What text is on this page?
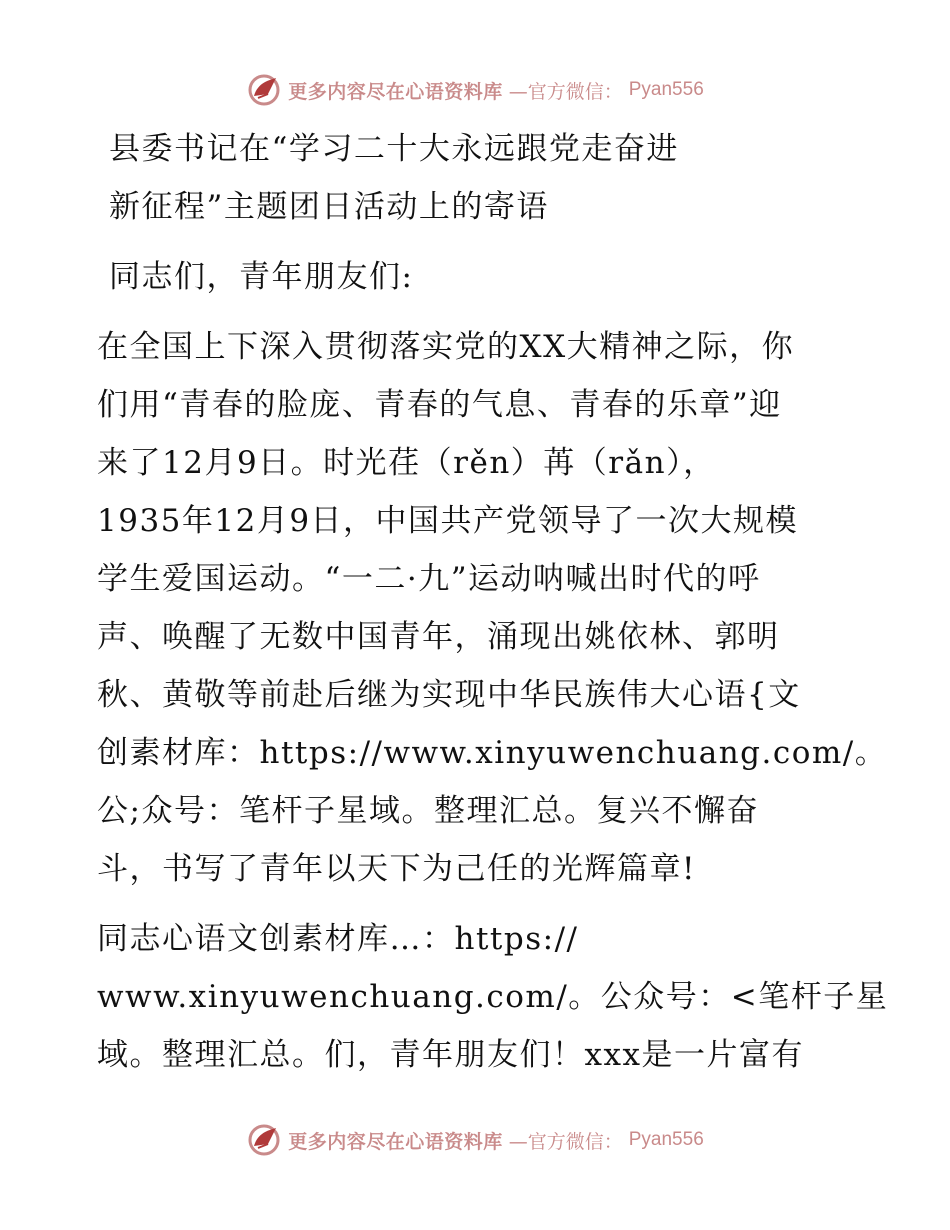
更多内容尽在心语资料库 —官方微信： Pyan556
县委书记在“学习二十大永远跟党走奋进
新征程”主题团日活动上的寄语
同志们，青年朋友们:
在全国上下深入贯彻落实党的XX大精神之际，你
们用“青春的脸庞、青春的气息、青春的乐章”迎
来了12月9日。时光荏（rěn）苒（rǎn），
1935年12月9日，中国共产党领导了一次大规模
学生爱国运动。“一二·九”运动呐喊出时代的呼
声、唤醒了无数中国青年，涌现出姚依林、郭明
秋、黄敬等前赴后继为实现中华民族伟大心语{文
创素材库：https://www.xinyuwenchuang.com/。
公;众号：笔杆子星域。整理汇总。复兴不懈奋
斗，书写了青年以天下为己任的光辉篇章!
同志心语文创素材库…：https://
www.xinyuwenchuang.com/。公众号：<笔杆子星
域。整理汇总。们，青年朋友们！xxx是一片富有
更多内容尽在心语资料库 —官方微信： Pyan556
